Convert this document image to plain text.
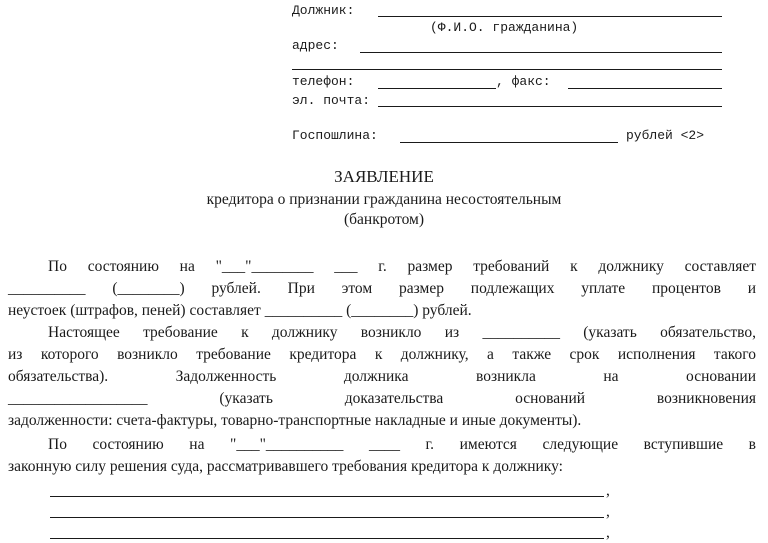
Должник:
(Ф.И.О. гражданина)
адрес:
телефон:	, факс:
эл. почта:
Госпошлина:	рублей <2>
ЗАЯВЛЕНИЕ
кредитора о признании гражданина несостоятельным
(банкротом)
По состоянию на "___"________ ___ г. размер требований к должнику составляет
__________ (________) рублей. При этом размер подлежащих уплате процентов и
неустоек (штрафов, пеней) составляет __________ (________) рублей.
Настоящее требование к должнику возникло из __________ (указать обязательство,
из которого возникло требование кредитора к должнику, а также срок исполнения такого
обязательства). Задолженность должника возникла на основании
__________________ (указать доказательства оснований возникновения
задолженности: счета-фактуры, товарно-транспортные накладные и иные документы).
По состоянию на "___"__________ ____ г. имеются следующие вступившие в
законную силу решения суда, рассматривавшего требования кредитора к должнику:
,
,
,
